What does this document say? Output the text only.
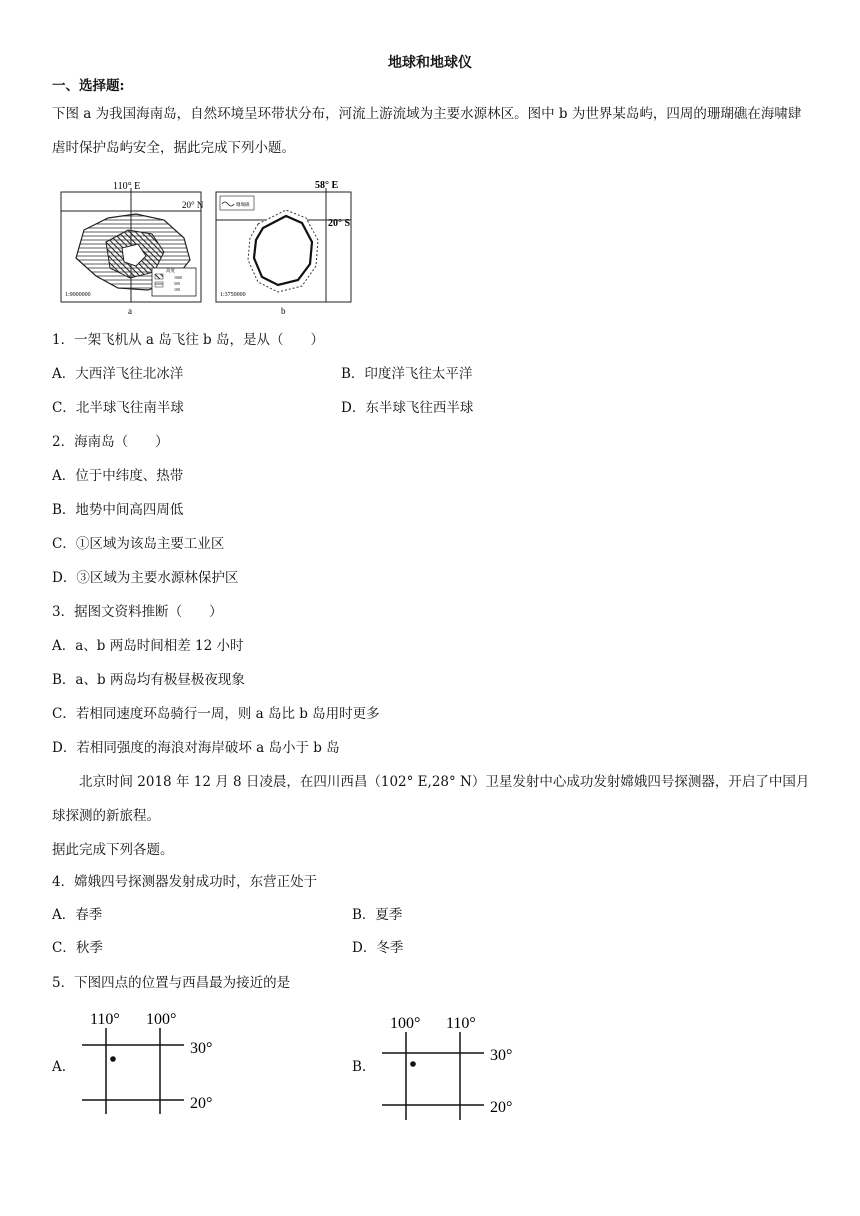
地球和地球仪
一、选择题:
下图 a 为我国海南岛，自然环境呈环带状分布，河流上游流域为主要水源林区。图中 b 为世界某岛屿，四周的珊瑚礁在海啸肆虐时保护岛屿安全，据此完成下列小题。
高度
1000
500
100
110° E
20° N
1:9000000
a
珊瑚礁
58° E
20° S
1:3750000
b
1．一架飞机从 a 岛飞往 b 岛，是从（　　）
A．大西洋飞往北冰洋	B．印度洋飞往太平洋
C．北半球飞往南半球	D．东半球飞往西半球
2．海南岛（　　）
A．位于中纬度、热带
B．地势中间高四周低
C．①区域为该岛主要工业区
D．③区域为主要水源林保护区
3．据图文资料推断（　　）
A．a、b 两岛时间相差 12 小时
B．a、b 两岛均有极昼极夜现象
C．若相同速度环岛骑行一周，则 a 岛比 b 岛用时更多
D．若相同强度的海浪对海岸破坏 a 岛小于 b 岛
北京时间 2018 年 12 月 8 日凌晨，在四川西昌（102° E,28° N）卫星发射中心成功发射嫦娥四号探测器，开启了中国月球探测的新旅程。
据此完成下列各题。
4．嫦娥四号探测器发射成功时，东营正处于
A．春季	B．夏季
C．秋季	D．冬季
5．下图四点的位置与西昌最为接近的是
A.	B.
110° 100°
30°
20°
100° 110°
30°
20°
